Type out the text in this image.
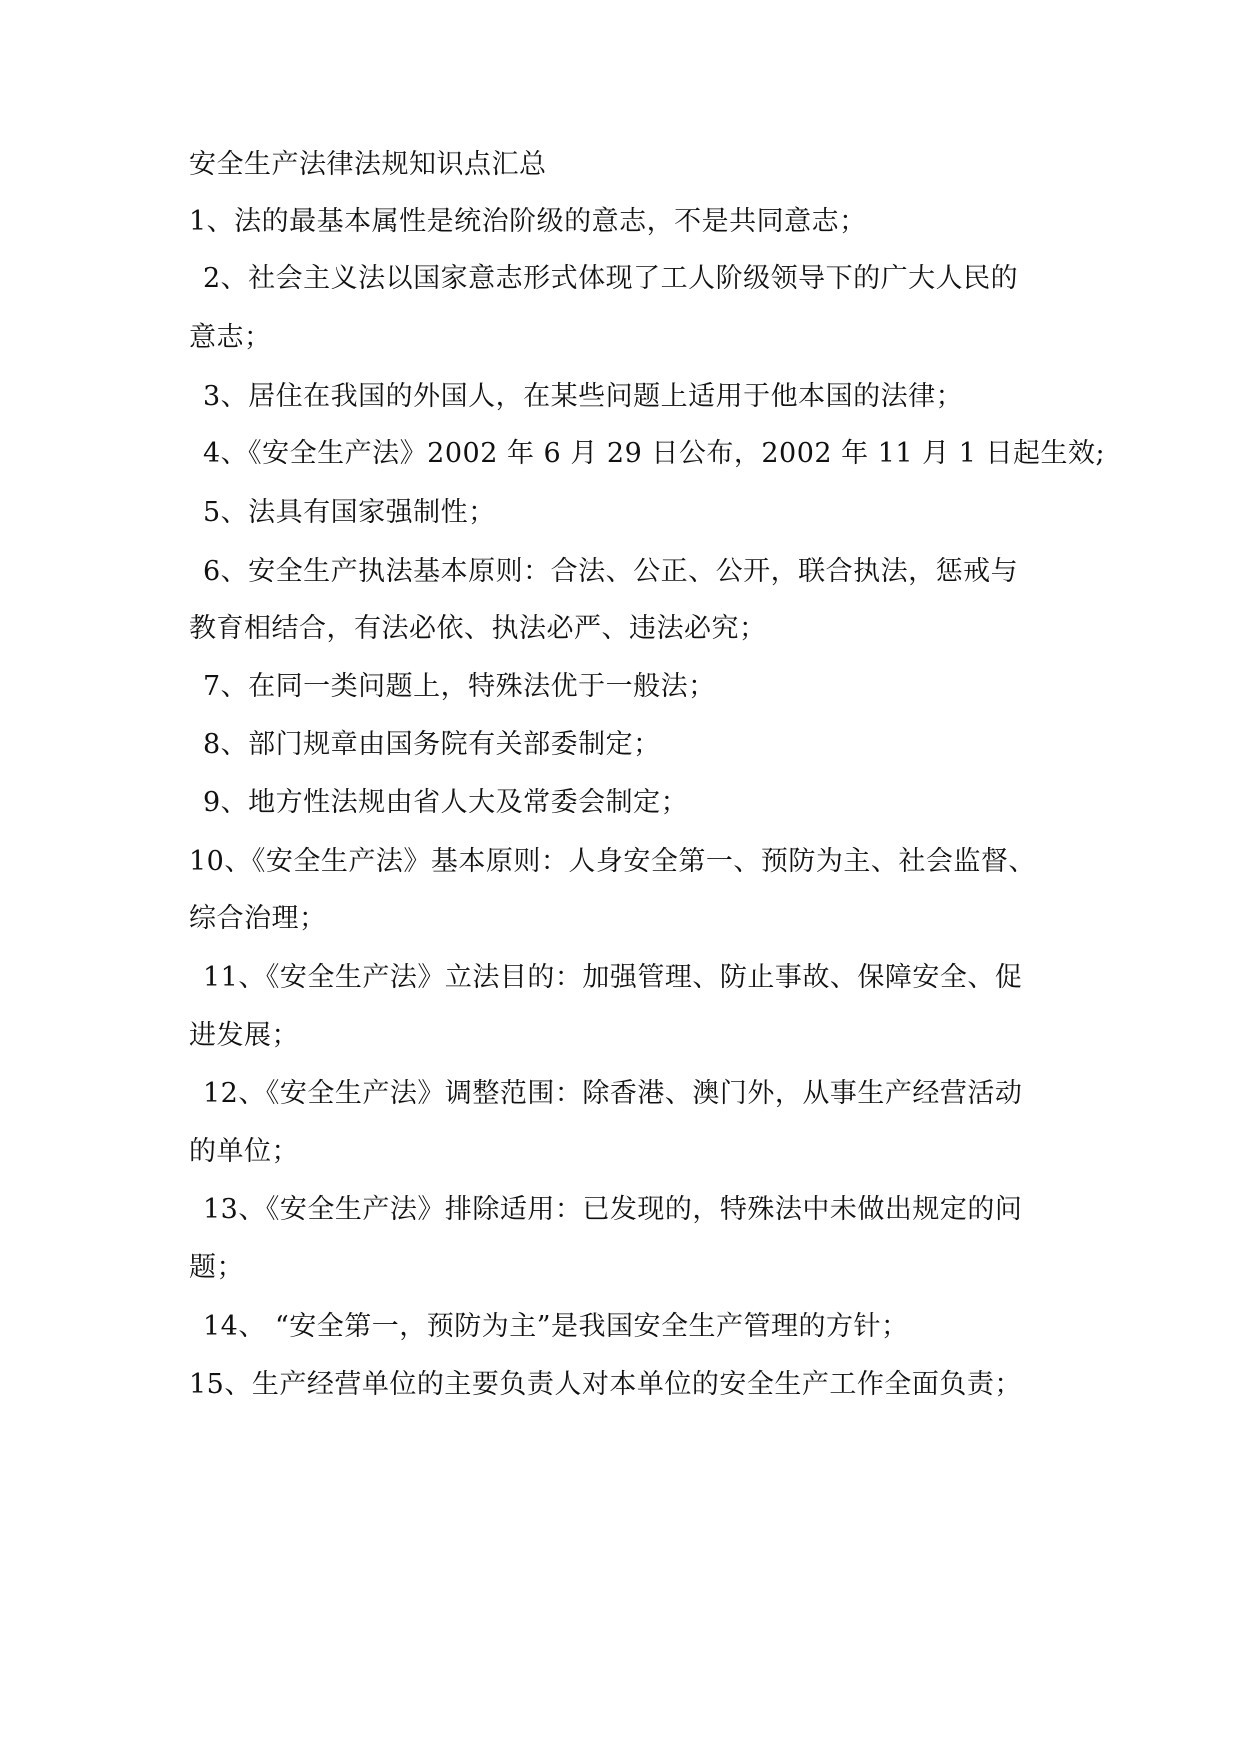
安全生产法律法规知识点汇总
1、法的最基本属性是统治阶级的意志，不是共同意志；
2、社会主义法以国家意志形式体现了工人阶级领导下的广大人民的
意志；
3、居住在我国的外国人，在某些问题上适用于他本国的法律；
4、《安全生产法》2002 年 6 月 29 日公布，2002 年 11 月 1 日起生效;
5、法具有国家强制性；
6、安全生产执法基本原则：合法、公正、公开，联合执法，惩戒与
教育相结合，有法必依、执法必严、违法必究；
7、在同一类问题上，特殊法优于一般法；
8、部门规章由国务院有关部委制定；
9、地方性法规由省人大及常委会制定；
10、《安全生产法》基本原则：人身安全第一、预防为主、社会监督、
综合治理；
11、《安全生产法》立法目的：加强管理、防止事故、保障安全、促
进发展；
12、《安全生产法》调整范围：除香港、澳门外，从事生产经营活动
的单位；
13、《安全生产法》排除适用：已发现的，特殊法中未做出规定的问
题；
14、 “安全第一，预防为主”是我国安全生产管理的方针；
15、生产经营单位的主要负责人对本单位的安全生产工作全面负责；
